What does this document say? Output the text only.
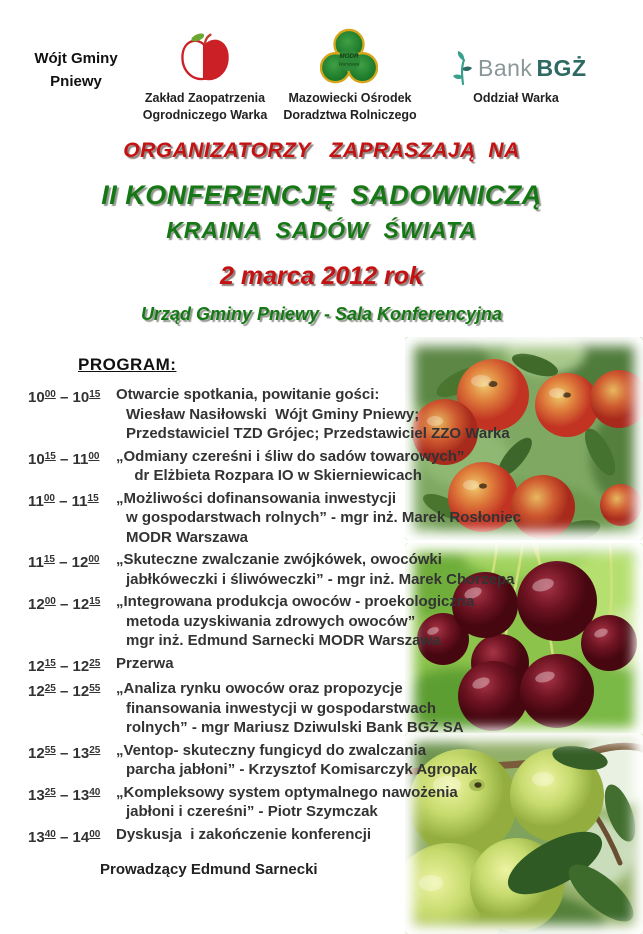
Wójt Gminy
Pniewy
Zakład Zaopatrzenia
Ogrodniczego Warka
MODR
Warszawa
Mazowiecki Ośrodek
Doradztwa Rolniczego
Bank BGŻ
Oddział Warka
ORGANIZATORZY   ZAPRASZAJĄ  NA
II KONFERENCJĘ  SADOWNICZĄ
KRAINA  SADÓW  ŚWIATA
2 marca 2012 rok
Urząd Gminy Pniewy - Sala Konferencyjna
PROGRAM:
$10^{00} - 10^{15}$	Otwarcie spotkania, powitanie gości:
Wiesław Nasiłowski  Wójt Gminy Pniewy;
Przedstawiciel TZD Grójec; Przedstawiciel ZZO Warka
$10^{15} - 11^{00}$	„Odmiany czereśni i śliw do sadów towarowych”
dr Elżbieta Rozpara IO w Skierniewicach
$11^{00} - 11^{15}$	„Możliwości dofinansowania inwestycji
w gospodarstwach rolnych” - mgr inż. Marek Rosłoniec
MODR Warszawa
$11^{15} - 12^{00}$	„Skuteczne zwalczanie zwójkówek, owocówki
jabłkóweczki i śliwóweczki” - mgr inż. Marek Chorzepa
$12^{00} - 12^{15}$	„Integrowana produkcja owoców - proekologiczna
metoda uzyskiwania zdrowych owoców”
mgr inż. Edmund Sarnecki MODR Warszawa
$12^{15} - 12^{25}$	Przerwa
$12^{25} - 12^{55}$	„Analiza rynku owoców oraz propozycje
finansowania inwestycji w gospodarstwach
rolnych” - mgr Mariusz Dziwulski Bank BGŻ SA
$12^{55} - 13^{25}$	„Ventop- skuteczny fungicyd do zwalczania
parcha jabłoni” - Krzysztof Komisarczyk Agropak
$13^{25} - 13^{40}$	„Kompleksowy system optymalnego nawożenia
jabłoni i czereśni” - Piotr Szymczak
$13^{40} - 14^{00}$	Dyskusja  i zakończenie konferencji
Prowadzący Edmund Sarnecki
